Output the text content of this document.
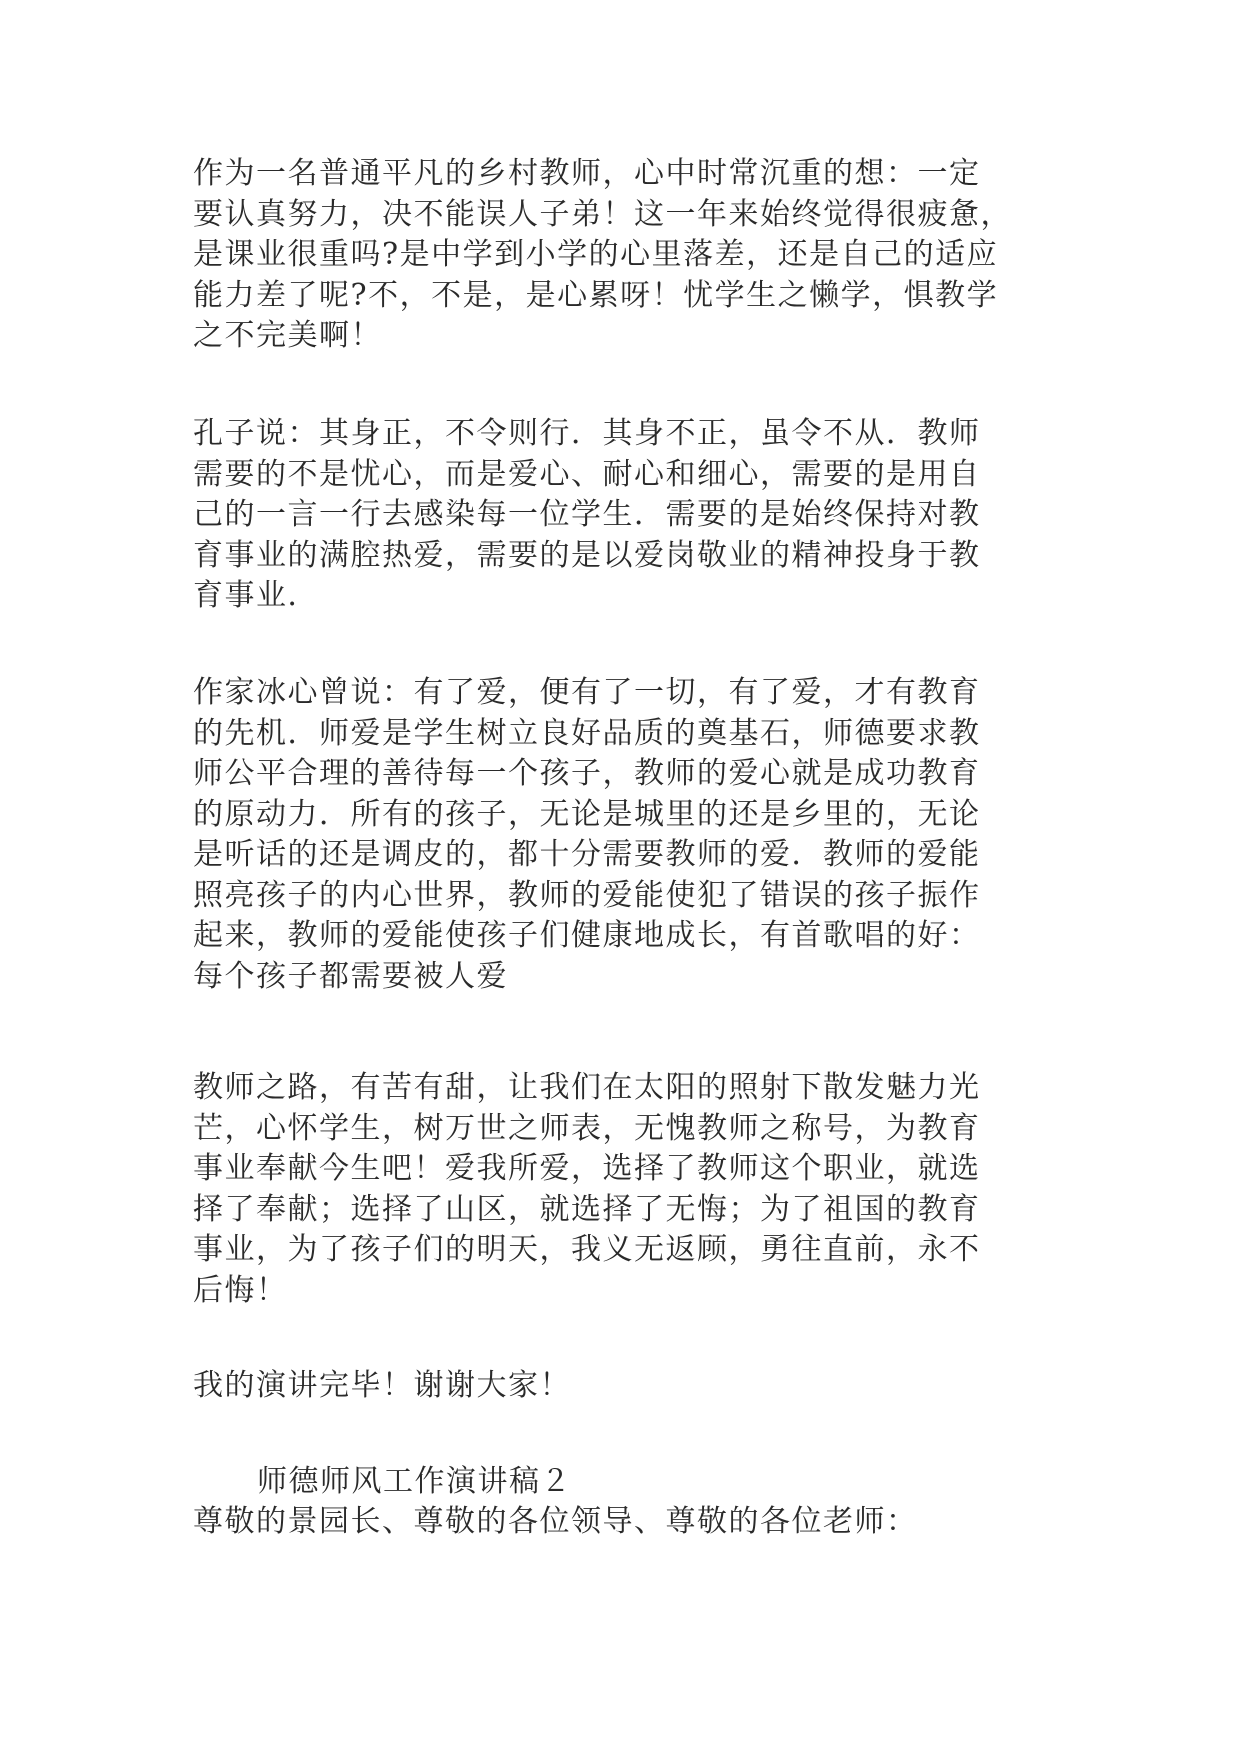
作为一名普通平凡的乡村教师，心中时常沉重的想：一定
要认真努力，决不能误人子弟！这一年来始终觉得很疲惫，
是课业很重吗?是中学到小学的心里落差，还是自己的适应
能力差了呢?不，不是，是心累呀！忧学生之懒学，惧教学
之不完美啊！

孔子说：其身正，不令则行．其身不正，虽令不从．教师
需要的不是忧心，而是爱心、耐心和细心，需要的是用自
己的一言一行去感染每一位学生．需要的是始终保持对教
育事业的满腔热爱，需要的是以爱岗敬业的精神投身于教
育事业．

作家冰心曾说：有了爱，便有了一切，有了爱，才有教育
的先机．师爱是学生树立良好品质的奠基石，师德要求教
师公平合理的善待每一个孩子，教师的爱心就是成功教育
的原动力．所有的孩子，无论是城里的还是乡里的，无论
是听话的还是调皮的，都十分需要教师的爱．教师的爱能
照亮孩子的内心世界，教师的爱能使犯了错误的孩子振作
起来，教师的爱能使孩子们健康地成长，有首歌唱的好：
每个孩子都需要被人爱

教师之路，有苦有甜，让我们在太阳的照射下散发魅力光
芒，心怀学生，树万世之师表，无愧教师之称号，为教育
事业奉献今生吧！爱我所爱，选择了教师这个职业，就选
择了奉献；选择了山区，就选择了无悔；为了祖国的教育
事业，为了孩子们的明天，我义无返顾，勇往直前，永不
后悔！

我的演讲完毕！谢谢大家！

师德师风工作演讲稿２

尊敬的景园长、尊敬的各位领导、尊敬的各位老师：
